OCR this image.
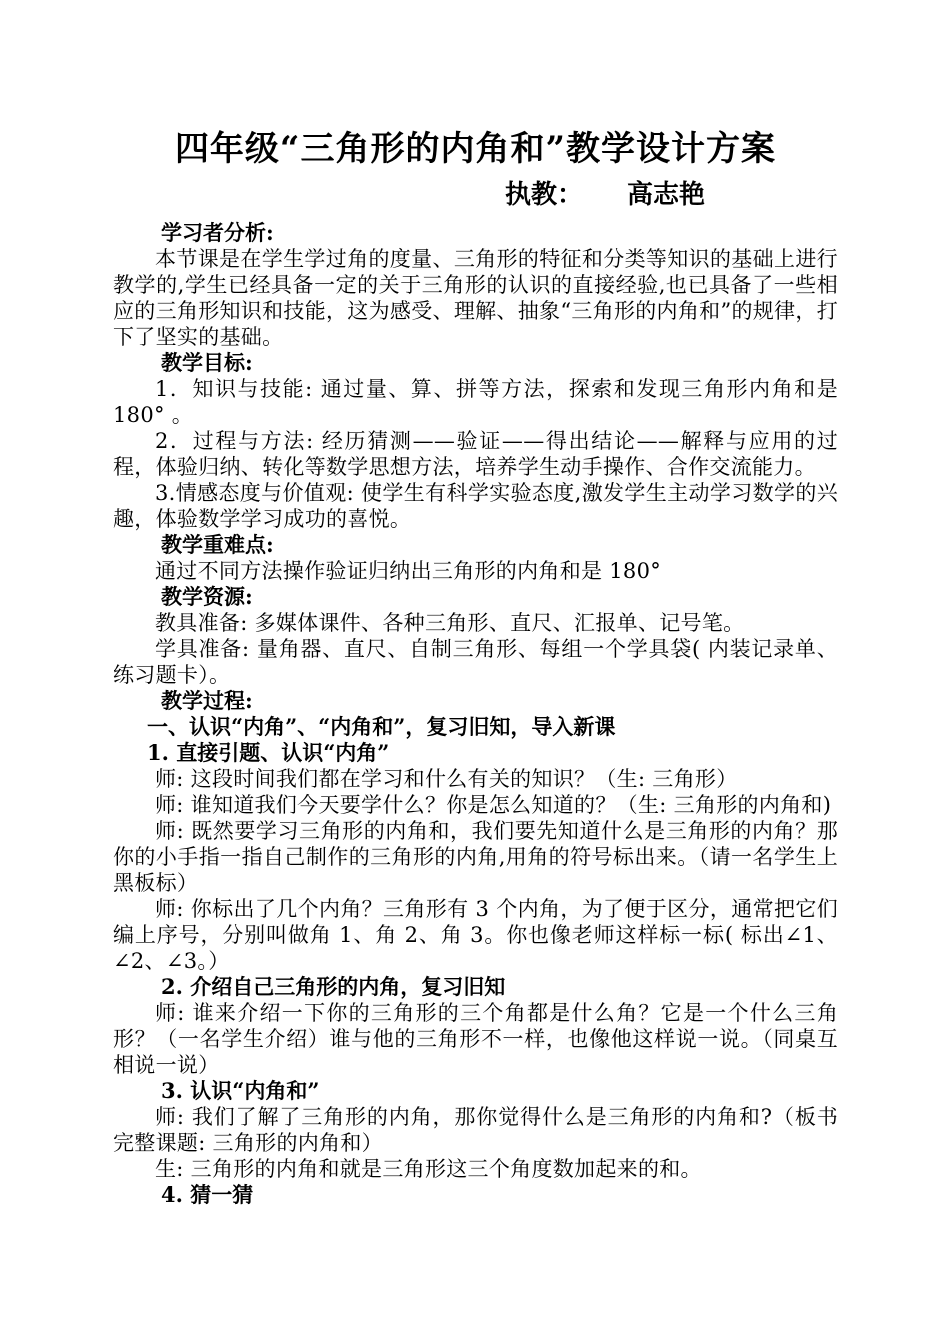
四年级“三角形的内角和”教学设计方案
执教： 高志艳
学习者分析:

本节课是在学生学过角的度量、三角形的特征和分类等知识的基础上进行教学的,学生已经具备一定的关于三角形的认识的直接经验,也已具备了一些相应的三角形知识和技能，这为感受、理解、抽象“三角形的内角和”的规律，打下了坚实的基础。

教学目标:

1．知识与技能: 通过量、算、拼等方法，探索和发现三角形内角和是 180° 。

2．过程与方法: 经历猜测——验证——得出结论——解释与应用的过程，体验归纳、转化等数学思想方法，培养学生动手操作、合作交流能力。

3.情感态度与价值观: 使学生有科学实验态度,激发学生主动学习数学的兴趣，体验数学学习成功的喜悦。

教学重难点:

通过不同方法操作验证归纳出三角形的内角和是 180°

教学资源:

教具准备: 多媒体课件、各种三角形、直尺、汇报单、记号笔。

学具准备: 量角器、直尺、自制三角形、每组一个学具袋( 内装记录单、练习题卡）。

教学过程:
一、认识“内角”、“内角和”，复习旧知，导入新课
1. 直接引题、认识“内角”

师: 这段时间我们都在学习和什么有关的知识？（生: 三角形）

师: 谁知道我们今天要学什么？你是怎么知道的？（生: 三角形的内角和)

师: 既然要学习三角形的内角和，我们要先知道什么是三角形的内角？那你的小手指一指自己制作的三角形的内角,用角的符号标出来。（请一名学生上黑板标）

师: 你标出了几个内角？三角形有 3 个内角，为了便于区分，通常把它们编上序号，分别叫做角 1、角 2、角 3。你也像老师这样标一标( 标出∠1、 ∠2、∠3。）

2. 介绍自己三角形的内角，复习旧知

师: 谁来介绍一下你的三角形的三个角都是什么角？它是一个什么三角形？（一名学生介绍）谁与他的三角形不一样，也像他这样说一说。（同桌互相说一说）

3. 认识“内角和”

师: 我们了解了三角形的内角，那你觉得什么是三角形的内角和?（板书完整课题: 三角形的内角和）

生: 三角形的内角和就是三角形这三个角度数加起来的和。

4. 猜一猜
